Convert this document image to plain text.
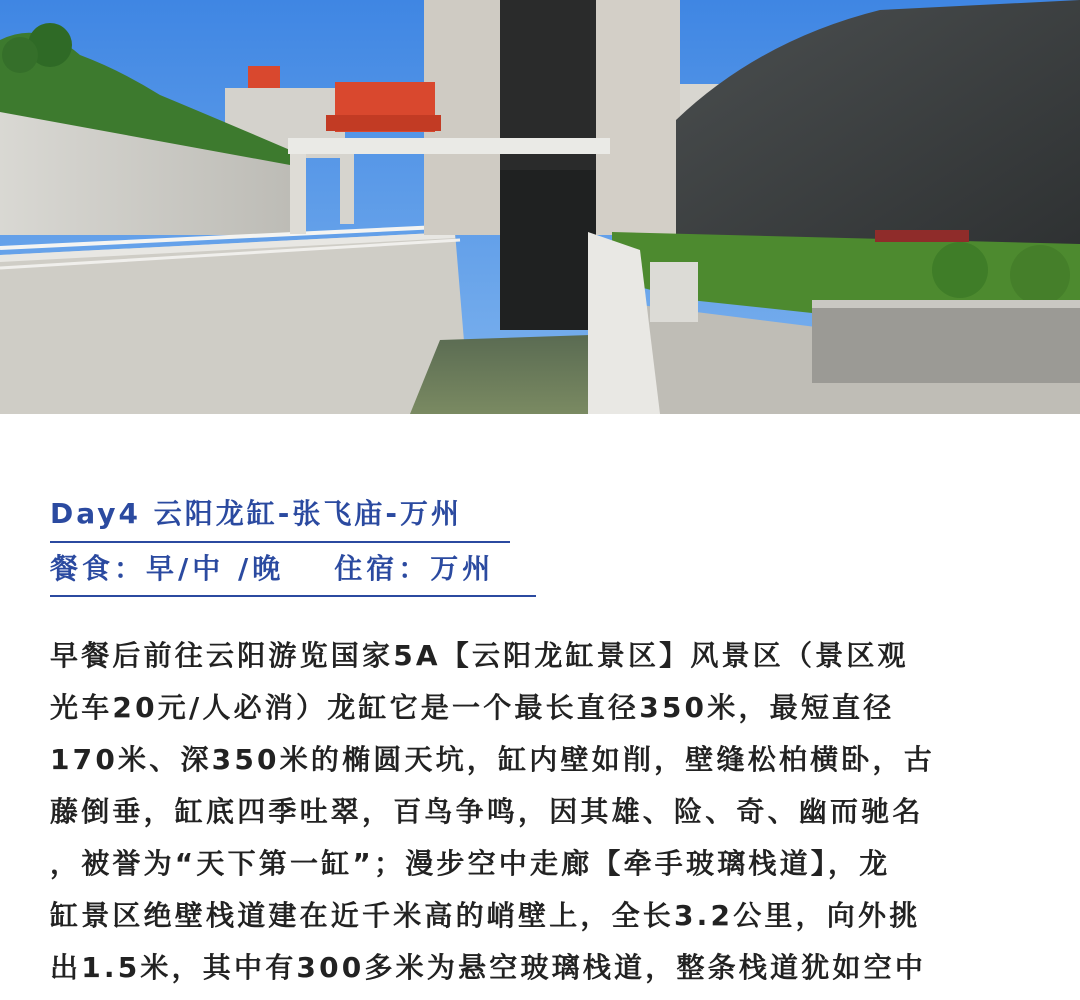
Day4 云阳龙缸-张飞庙-万州

餐食：早/中 /晚 住宿：万州

早餐后前往云阳游览国家5A【云阳龙缸景区】风景区（景区观
光车20元/人必消）龙缸它是一个最长直径350米，最短直径
170米、深350米的椭圆天坑，缸内壁如削，壁缝松柏横卧，古
藤倒垂，缸底四季吐翠，百鸟争鸣，因其雄、险、奇、幽而驰名
，被誉为“天下第一缸”；漫步空中走廊【牵手玻璃栈道】，龙
缸景区绝壁栈道建在近千米高的峭壁上，全长3.2公里，向外挑
出1.5米，其中有300多米为悬空玻璃栈道，整条栈道犹如空中
